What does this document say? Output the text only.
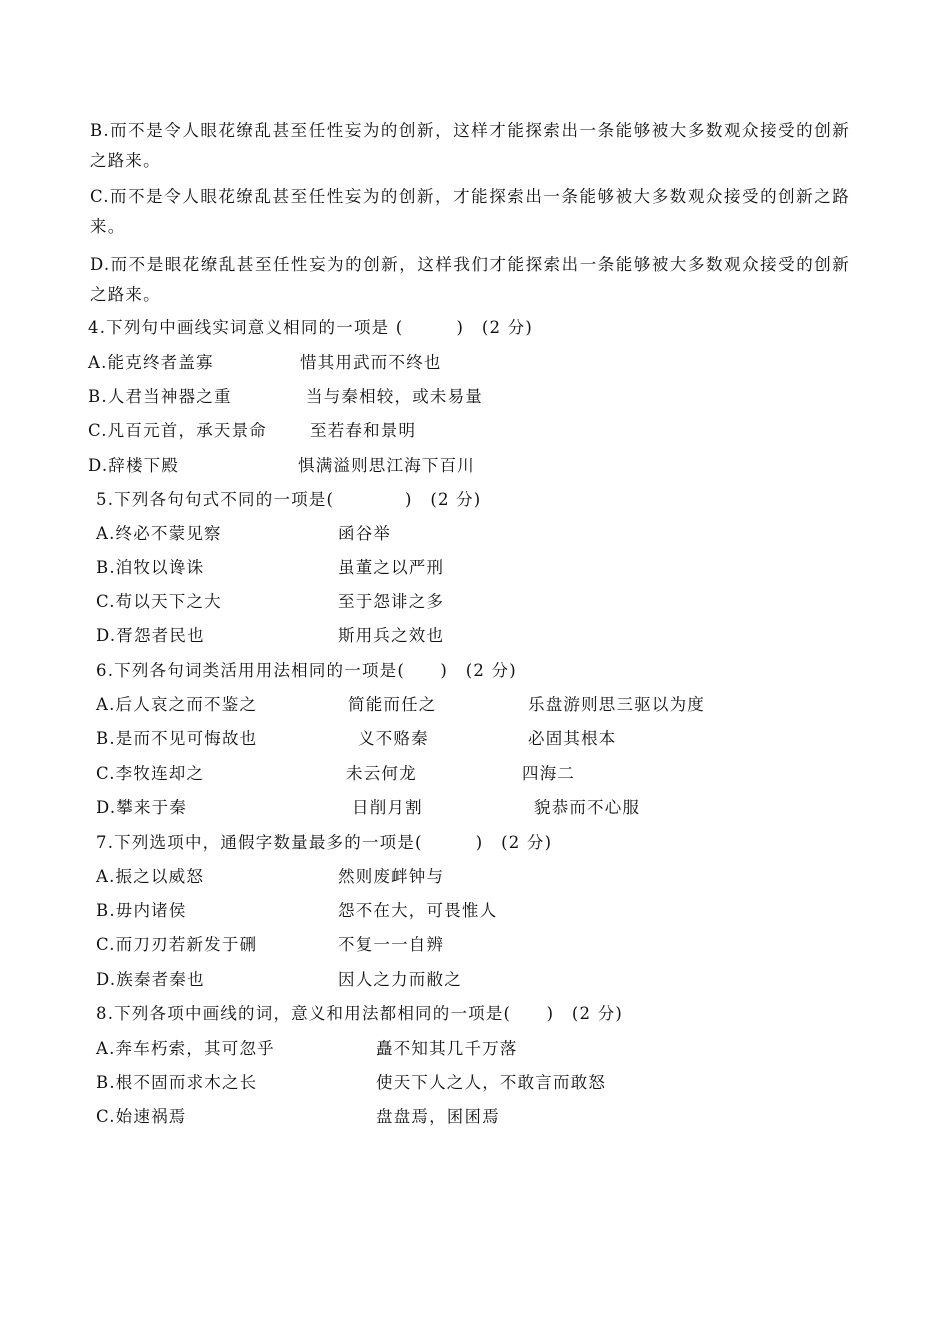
B.而不是令人眼花缭乱甚至任性妄为的创新，这样才能探索出一条能够被大多数观众接受的创新之路来。
C.而不是令人眼花缭乱甚至任性妄为的创新，才能探索出一条能够被大多数观众接受的创新之路来。
D.而不是眼花缭乱甚至任性妄为的创新，这样我们才能探索出一条能够被大多数观众接受的创新之路来。
4.下列句中画线实词意义相同的一项是 (　　　)　(2 分)
A.能克终者盖寡	惜其用武而不终也
B.人君当神器之重	当与秦相较，或未易量
C.凡百元首，承天景命	至若春和景明
D.辞楼下殿	惧满溢则思江海下百川
5.下列各句句式不同的一项是(　　　　)　(2 分)
A.终必不蒙见察	函谷举
B.洎牧以谗诛	虽董之以严刑
C.苟以天下之大	至于怨诽之多
D.胥怨者民也	斯用兵之效也
6.下列各句词类活用用法相同的一项是(　　)　(2 分)
A.后人哀之而不鉴之	简能而任之	乐盘游则思三驱以为度
B.是而不见可悔故也	义不赂秦	必固其根本
C.李牧连却之	未云何龙	四海二
D.攀来于秦	日削月割	貌恭而不心服
7.下列选项中，通假字数量最多的一项是(　　　)　(2 分)
A.振之以威怒	然则废衅钟与
B.毋内诸侯	怨不在大，可畏惟人
C.而刀刃若新发于硎	不复一一自辨
D.族秦者秦也	因人之力而敝之
8.下列各项中画线的词，意义和用法都相同的一项是(　　)　(2 分)
A.奔车朽索，其可忽乎	矗不知其几千万落
B.根不固而求木之长	使天下人之人，不敢言而敢怒
C.始速祸焉	盘盘焉，囷囷焉
